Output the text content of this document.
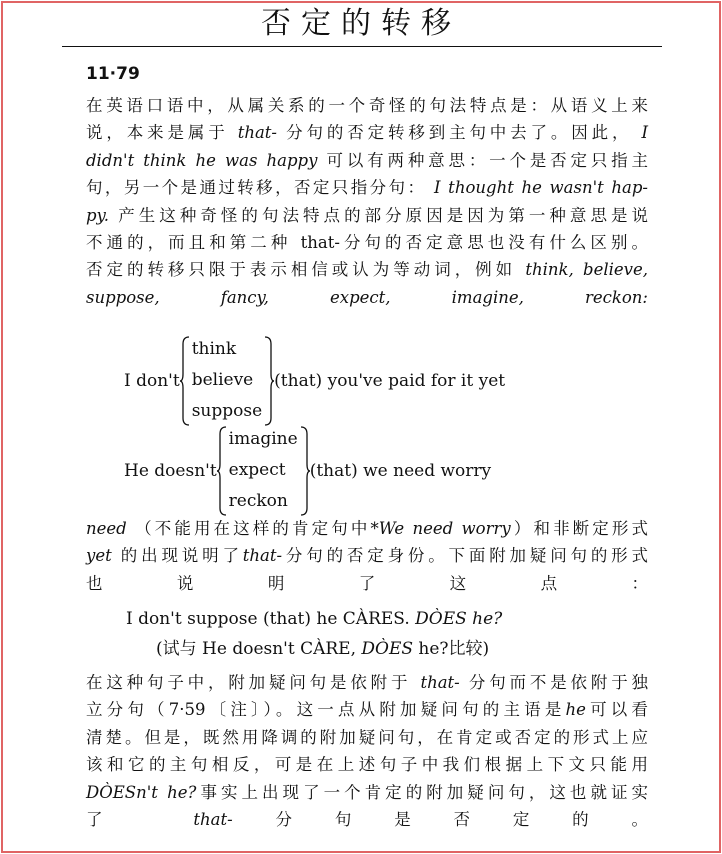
否定的转移
11·79
在英语口语中，从属关系的一个奇怪的句法特点是：从语义上来
说，本来是属于 that- 分句的否定转移到主句中去了。因此， I
didn't think he was happy 可以有两种意思：一个是否定只指主
句，另一个是通过转移，否定只指分句： I thought he wasn't hap-
py. 产生这种奇怪的句法特点的部分原因是因为第一种意思是说
不通的，而且和第二种 that-分句的否定意思也没有什么区别。
否定的转移只限于表示相信或认为等动词，例如 think, believe,
suppose, fancy, expect, imagine, reckon:
I don't
think
believe
suppose
(that) you've paid for it yet
He doesn't
imagine
expect
reckon
(that) we need worry
need （不能用在这样的肯定句中*We need worry）和非断定形式
yet 的出现说明了that-分句的否定身份。下面附加疑问句的形式
也说明了这点：
I don't suppose (that) he CÀRES. DÒES he?
(试与 He doesn't CÀRE, DÒES he?比较)
在这种句子中，附加疑问句是依附于 that- 分句而不是依附于独
立分句（7·59〔注〕）。这一点从附加疑问句的主语是he可以看
清楚。但是，既然用降调的附加疑问句，在肯定或否定的形式上应
该和它的主句相反，可是在上述句子中我们根据上下文只能用
DÒESn't he?事实上出现了一个肯定的附加疑问句，这也就证实
了	that-分句是否定的。
